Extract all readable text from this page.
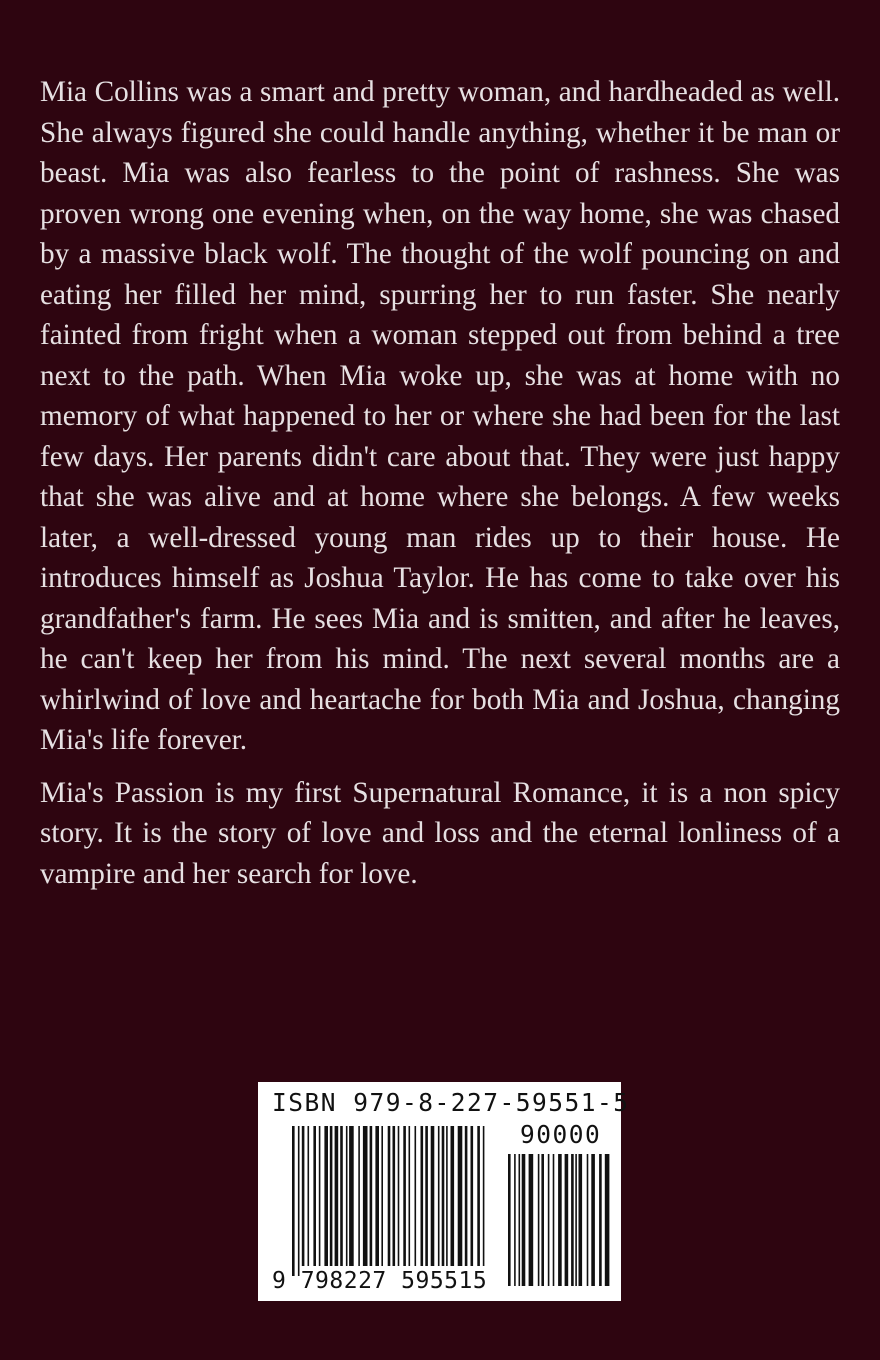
Mia Collins was a smart and pretty woman, and hardheaded as well. She always figured she could handle anything, whether it be man or beast. Mia was also fearless to the point of rashness. She was proven wrong one evening when, on the way home, she was chased by a massive black wolf. The thought of the wolf pouncing on and eating her filled her mind, spurring her to run faster. She nearly fainted from fright when a woman stepped out from behind a tree next to the path. When Mia woke up, she was at home with no memory of what happened to her or where she had been for the last few days. Her parents didn't care about that. They were just happy that she was alive and at home where she belongs. A few weeks later, a well-dressed young man rides up to their house. He introduces himself as Joshua Taylor. He has come to take over his grandfather's farm. He sees Mia and is smitten, and after he leaves, he can't keep her from his mind. The next several months are a whirlwind of love and heartache for both Mia and Joshua, changing Mia's life forever.

Mia's Passion is my first Supernatural Romance, it is a non spicy story. It is the story of love and loss and the eternal lonliness of a vampire and her search for love.

ISBN 979-8-227-59551-5
90000
9 798227 595515
